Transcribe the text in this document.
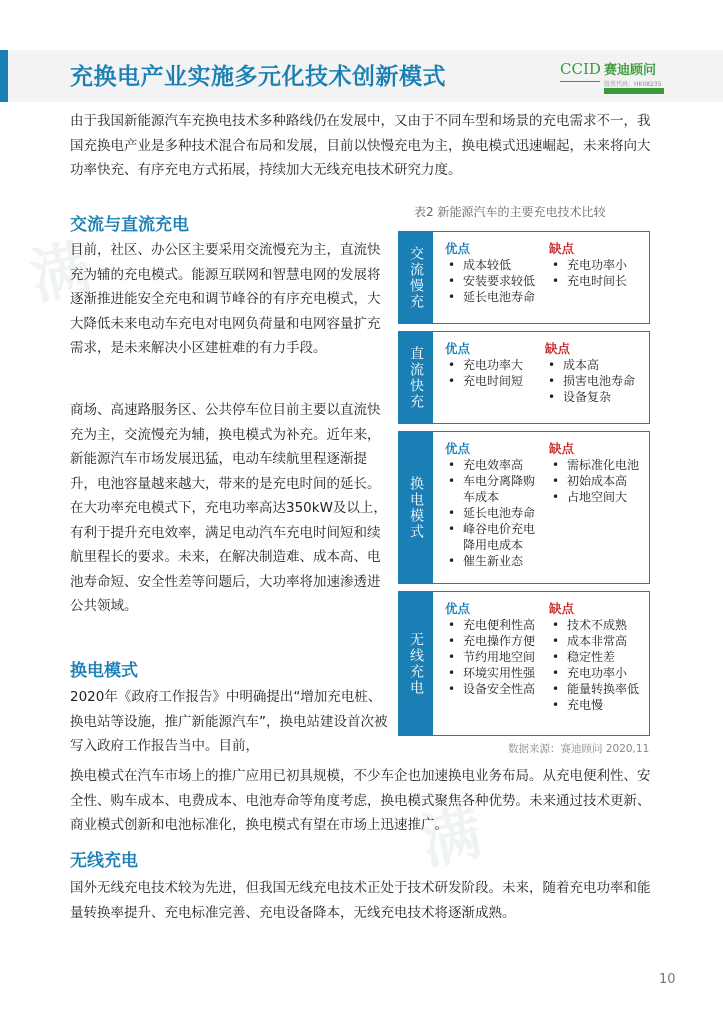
充换电产业实施多元化技术创新模式	CCID 赛迪顾问
股票代码：HK08235
满
满
由于我国新能源汽车充换电技术多种路线仍在发展中，又由于不同车型和场景的充电需求不一，我国充换电产业是多种技术混合布局和发展，目前以快慢充电为主，换电模式迅速崛起，未来将向大功率快充、有序充电方式拓展，持续加大无线充电技术研究力度。
交流与直流充电
目前，社区、办公区主要采用交流慢充为主，直流快充为辅的充电模式。能源互联网和智慧电网的发展将逐渐推进能安全充电和调节峰谷的有序充电模式，大大降低未来电动车充电对电网负荷量和电网容量扩充需求，是未来解决小区建桩难的有力手段。
商场、高速路服务区、公共停车位目前主要以直流快充为主，交流慢充为辅，换电模式为补充。近年来，新能源汽车市场发展迅猛，电动车续航里程逐渐提升，电池容量越来越大，带来的是充电时间的延长。在大功率充电模式下，充电功率高达350kW及以上，有利于提升充电效率，满足电动汽车充电时间短和续航里程长的要求。未来，在解决制造难、成本高、电池寿命短、安全性差等问题后，大功率将加速渗透进公共领域。
换电模式
2020年《政府工作报告》中明确提出“增加充电桩、换电站等设施，推广新能源汽车”，换电站建设首次被写入政府工作报告当中。目前，
换电模式在汽车市场上的推广应用已初具规模，不少车企也加速换电业务布局。从充电便利性、安全性、购车成本、电费成本、电池寿命等角度考虑，换电模式聚焦各种优势。未来通过技术更新、商业模式创新和电池标准化，换电模式有望在市场上迅速推广。
无线充电
国外无线充电技术较为先进，但我国无线充电技术正处于技术研发阶段。未来，随着充电功率和能量转换率提升、充电标准完善、充电设备降本，无线充电技术将逐渐成熟。
表2 新能源汽车的主要充电技术比较
交流慢充 优点
• 成本较低
• 安装要求较低
• 延长电池寿命
缺点
• 充电功率小
• 充电时间长
直流快充 优点
• 充电功率大
• 充电时间短
缺点
• 成本高
• 损害电池寿命
• 设备复杂
换电模式
优点
• 充电效率高
• 车电分离降购车成本
• 延长电池寿命
• 峰谷电价充电降用电成本
• 催生新业态
缺点
• 需标准化电池
• 初始成本高
• 占地空间大
无线充电
优点
• 充电便利性高
• 充电操作方便
• 节约用地空间
• 环境实用性强
• 设备安全性高
缺点
• 技术不成熟
• 成本非常高
• 稳定性差
• 充电功率小
• 能量转换率低
• 充电慢
数据来源：赛迪顾问 2020,11
10
